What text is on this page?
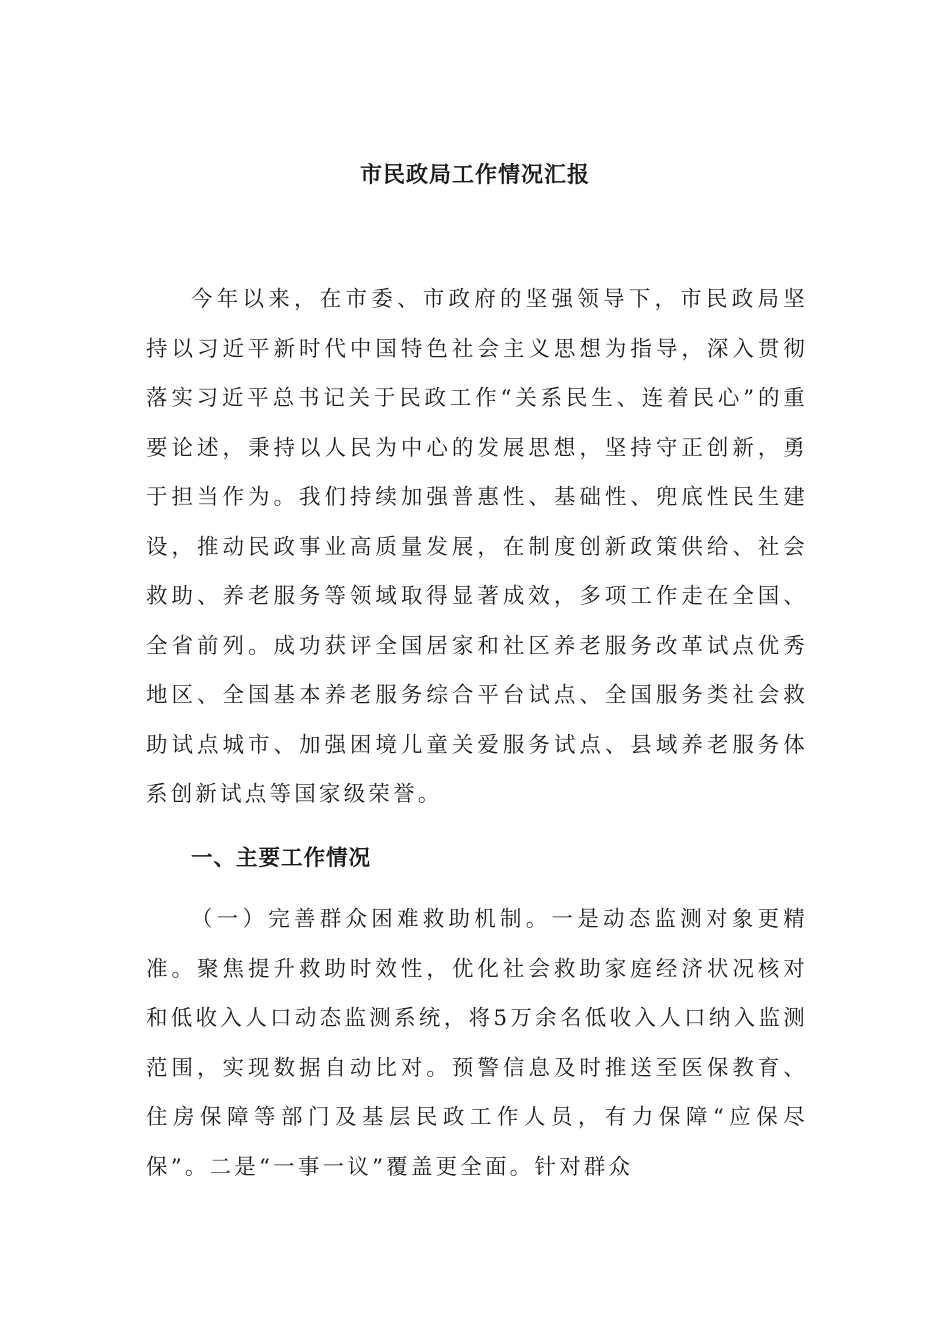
市民政局工作情况汇报

今年以来，在市委、市政府的坚强领导下，市民政局坚持以习近平新时代中国特色社会主义思想为指导，深入贯彻落实习近平总书记关于民政工作“关系民生、连着民心”的重要论述，秉持以人民为中心的发展思想，坚持守正创新，勇于担当作为。我们持续加强普惠性、基础性、兜底性民生建设，推动民政事业高质量发展，在制度创新政策供给、社会救助、养老服务等领域取得显著成效，多项工作走在全国、全省前列。成功获评全国居家和社区养老服务改革试点优秀地区、全国基本养老服务综合平台试点、全国服务类社会救助试点城市、加强困境儿童关爱服务试点、县域养老服务体系创新试点等国家级荣誉。

一、主要工作情况

（一）完善群众困难救助机制。一是动态监测对象更精准。聚焦提升救助时效性，优化社会救助家庭经济状况核对和低收入人口动态监测系统，将5万余名低收入人口纳入监测范围，实现数据自动比对。预警信息及时推送至医保教育、住房保障等部门及基层民政工作人员，有力保障“应保尽保”。二是“一事一议”覆盖更全面。针对群众
